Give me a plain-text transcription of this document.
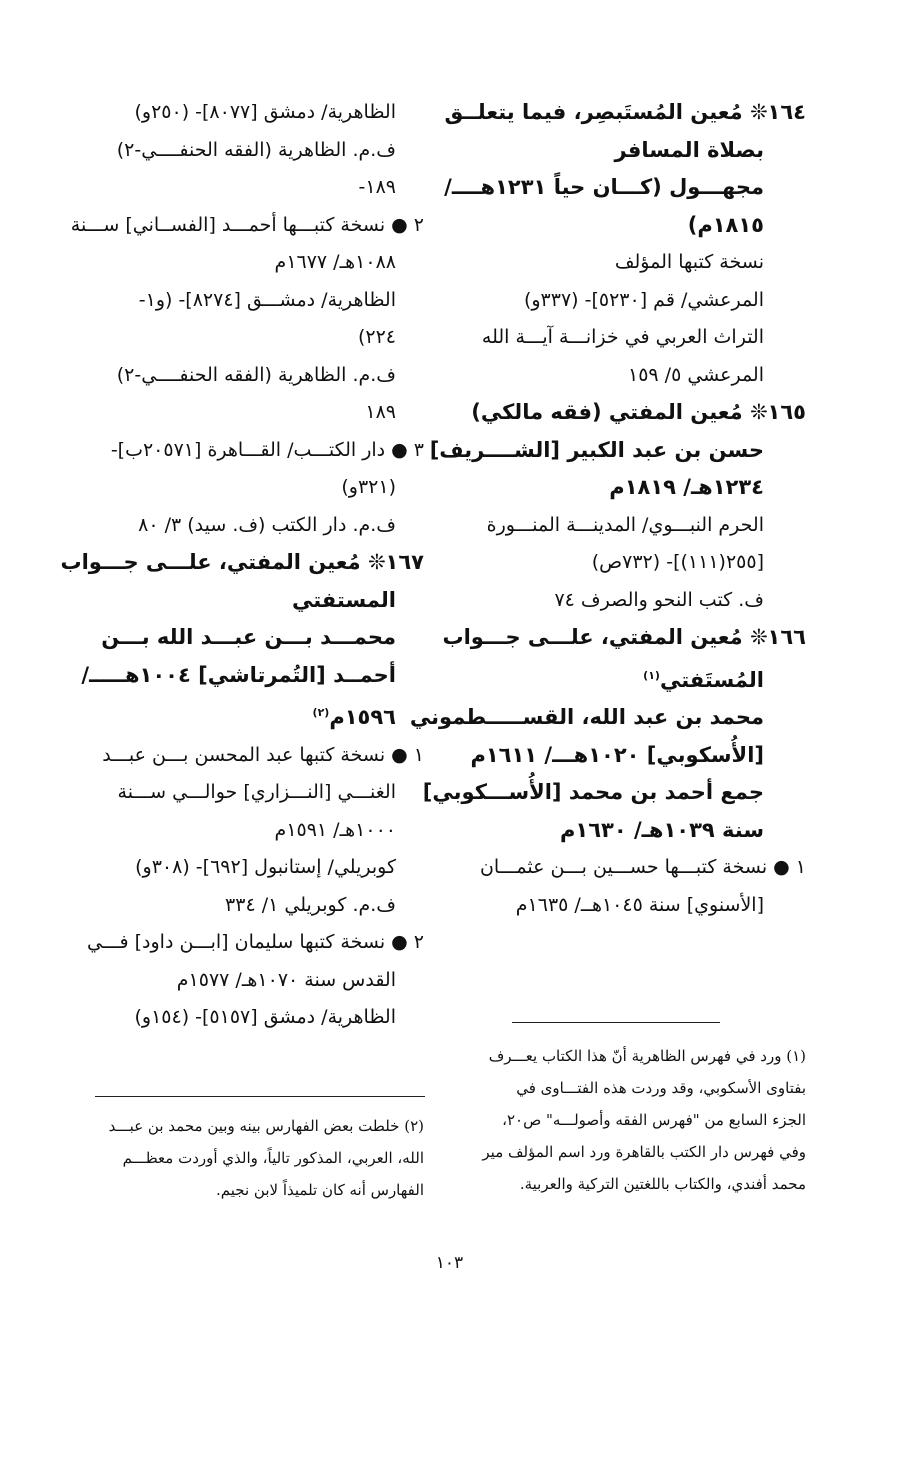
١٦٤❊ مُعين المُستَبصِر، فيما يتعلــق
بصلاة المسافر
مجهـــول (كـــان حياً ١٢٣١هــــ/
١٨١٥م)
نسخة كتبها المؤلف
المرعشي/ قم [٥٢٣٠]- (٣٣٧و)
التراث العربي في خزانـــة آيـــة الله
المرعشي ٥/ ١٥٩
١٦٥❊ مُعين المفتي (فقه مالكي)
حسن بن عبد الكبير [الشــــريف]
١٢٣٤هـ/ ١٨١٩م
الحرم النبـــوي/ المدينـــة المنـــورة
[٢٥٥(١١١)]- (٧٣٢ص)
ف. كتب النحو والصرف ٧٤
١٦٦❊ مُعين المفتي، علـــى جـــواب
المُستَفتي$^{(١)}$
محمد بن عبد الله، القســـــطموني
[الأُسكوبي] ١٠٢٠هـــ/ ١٦١١م
جمع أحمد بن محمد [الأُســـكوبي]
سنة ١٠٣٩هـ/ ١٦٣٠م
١ ● نسخة كتبـــها حســـين بـــن عثمـــان
[الأسنوي] سنة ١٠٤٥هــ/ ١٦٣٥م
الظاهرية/ دمشق [٨٠٧٧]- (٢٥٠و)
ف.م. الظاهرية (الفقه الحنفــــي-٢)
١٨٩-
٢ ● نسخة كتبـــها أحمـــد [الفســاني] ســـنة
١٠٨٨هـ/ ١٦٧٧م
الظاهرية/ دمشـــق [٨٢٧٤]- (و١-
٢٢٤)
ف.م. الظاهرية (الفقه الحنفــــي-٢)
١٨٩
٣ ● دار الكتـــب/ القـــاهرة [٢٠٥٧١ب]-
(٣٢١و)
ف.م. دار الكتب (ف. سيد) ٣/ ٨٠
١٦٧❊ مُعين المفتي، علـــى جـــواب
المستفتي
محمـــد بـــن عبـــد الله بـــن
أحمــد [التُمرتاشي] ١٠٠٤هـــــ/
١٥٩٦م$^{(٢)}$
١ ● نسخة كتبها عبد المحسن بـــن عبـــد
الغنـــي [النـــزاري] حوالـــي ســـنة
١٠٠٠هـ/ ١٥٩١م
كوبريلي/ إستانبول [٦٩٢]- (٣٠٨و)
ف.م. كوبريلي ١/ ٣٣٤
٢ ● نسخة كتبها سليمان [ابـــن داود] فـــي
القدس سنة ١٠٧٠هـ/ ١٥٧٧م
الظاهرية/ دمشق [٥١٥٧]- (١٥٤و)
(١) ورد في فهرس الظاهرية أنّ هذا الكتاب يعـــرف
بفتاوى الأسكوبي، وقد وردت هذه الفتـــاوى في
الجزء السابع من "فهرس الفقه وأصولـــه" ص٢٠،
وفي فهرس دار الكتب بالقاهرة ورد اسم المؤلف مير
محمد أفندي، والكتاب باللغتين التركية والعربية.
(٢) خلطت بعض الفهارس بينه وبين محمد بن عبـــد
الله، العربي، المذكور تالياً، والذي أوردت معظـــم
الفهارس أنه كان تلميذاً لابن نجيم.
١٠٣
